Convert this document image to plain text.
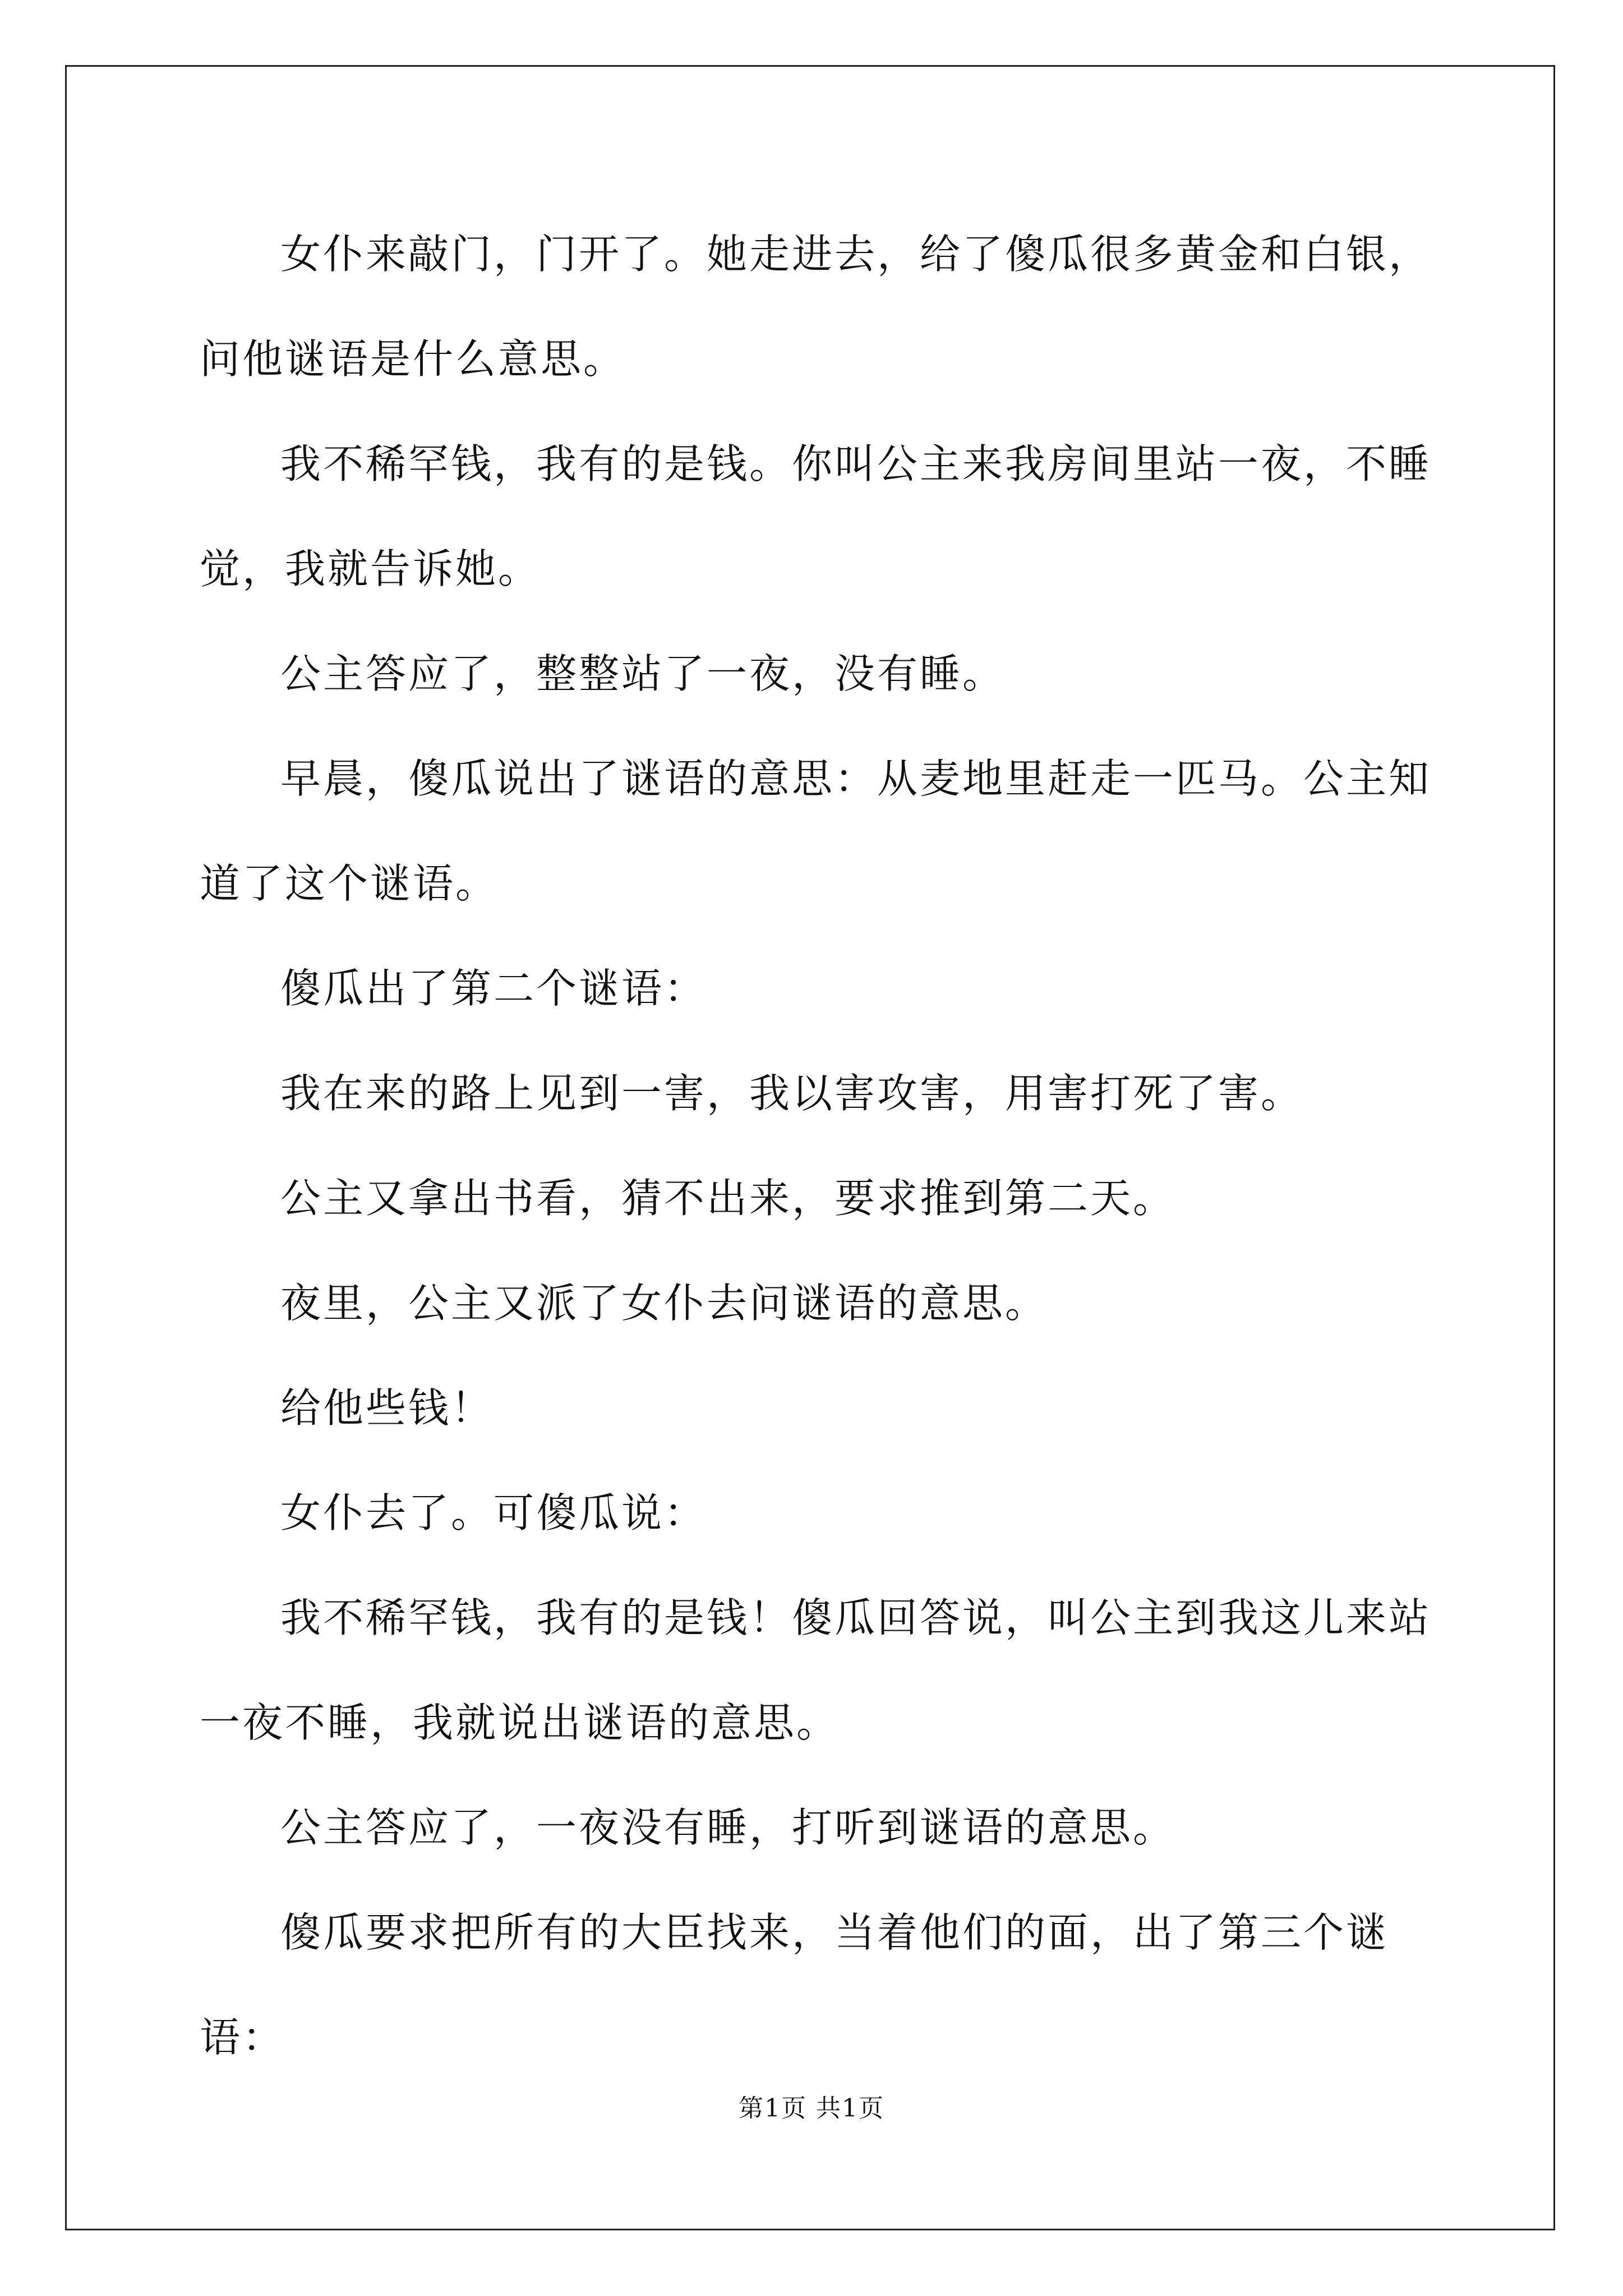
女仆来敲门，门开了。她走进去，给了傻瓜很多黄金和白银，问他谜语是什么意思。

我不稀罕钱，我有的是钱。你叫公主来我房间里站一夜，不睡觉，我就告诉她。

公主答应了，整整站了一夜，没有睡。

早晨，傻瓜说出了谜语的意思：从麦地里赶走一匹马。公主知道了这个谜语。

傻瓜出了第二个谜语：

我在来的路上见到一害，我以害攻害，用害打死了害。

公主又拿出书看，猜不出来，要求推到第二天。

夜里，公主又派了女仆去问谜语的意思。

给他些钱！

女仆去了。可傻瓜说：

我不稀罕钱，我有的是钱！傻瓜回答说，叫公主到我这儿来站一夜不睡，我就说出谜语的意思。

公主答应了，一夜没有睡，打听到谜语的意思。

傻瓜要求把所有的大臣找来，当着他们的面，出了第三个谜语：

第1页 共1页
